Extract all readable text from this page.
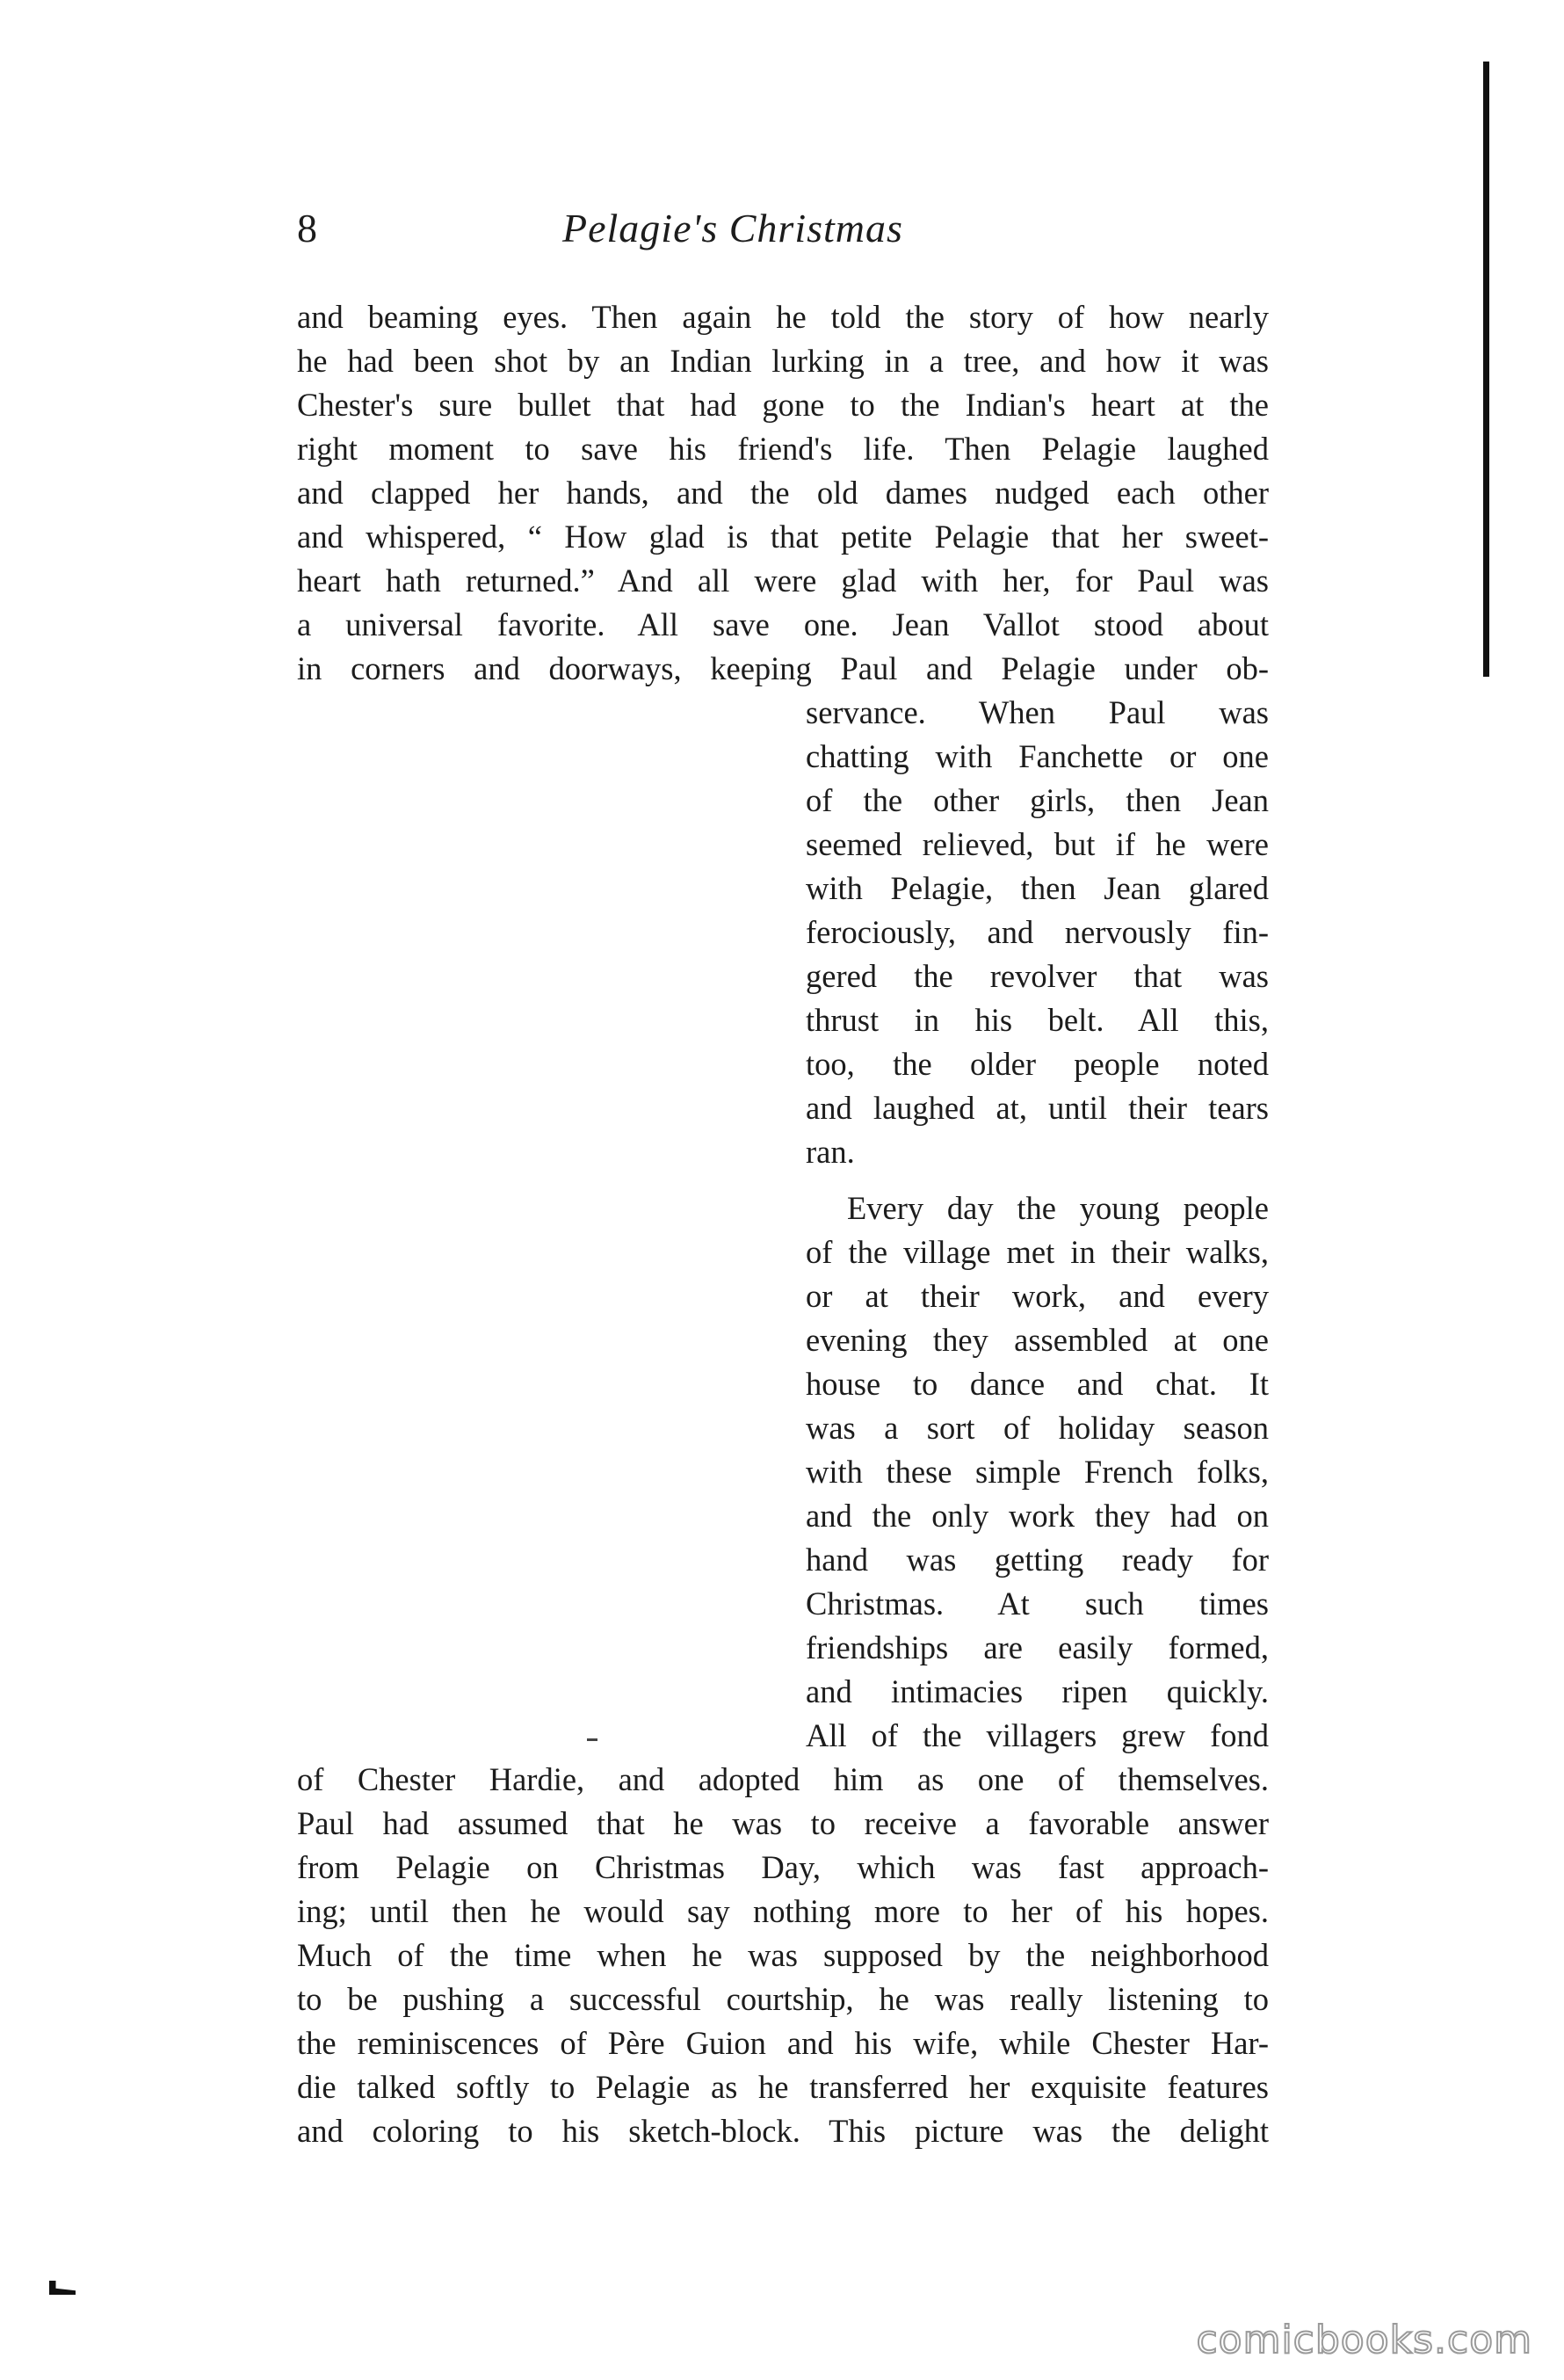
8	Pelagie's Christmas
and beaming eyes. Then again he told the story of how nearly
he had been shot by an Indian lurking in a tree, and how it was
Chester's sure bullet that had gone to the Indian's heart at the
right moment to save his friend's life. Then Pelagie laughed
and clapped her hands, and the old dames nudged each other
and whispered, “ How glad is that petite Pelagie that her sweet-
heart hath returned.” And all were glad with her, for Paul was
a universal favorite. All save one. Jean Vallot stood about
in corners and doorways, keeping Paul and Pelagie under ob-
servance. When Paul was
chatting with Fanchette or one
of the other girls, then Jean
seemed relieved, but if he were
with Pelagie, then Jean glared
ferociously, and nervously fin-
gered the revolver that was
thrust in his belt. All this,
too, the older people noted
and laughed at, until their tears
ran.
Every day the young people
of the village met in their walks,
or at their work, and every
evening they assembled at one
house to dance and chat. It
was a sort of holiday season
with these simple French folks,
and the only work they had on
hand was getting ready for
Christmas. At such times
friendships are easily formed,
and intimacies ripen quickly.
All of the villagers grew fond
of Chester Hardie, and adopted him as one of themselves.
Paul had assumed that he was to receive a favorable answer
from Pelagie on Christmas Day, which was fast approach-
ing; until then he would say nothing more to her of his hopes.
Much of the time when he was supposed by the neighborhood
to be pushing a successful courtship, he was really listening to
the reminiscences of Père Guion and his wife, while Chester Har-
die talked softly to Pelagie as he transferred her exquisite features
and coloring to his sketch-block. This picture was the delight
comicbooks.com
